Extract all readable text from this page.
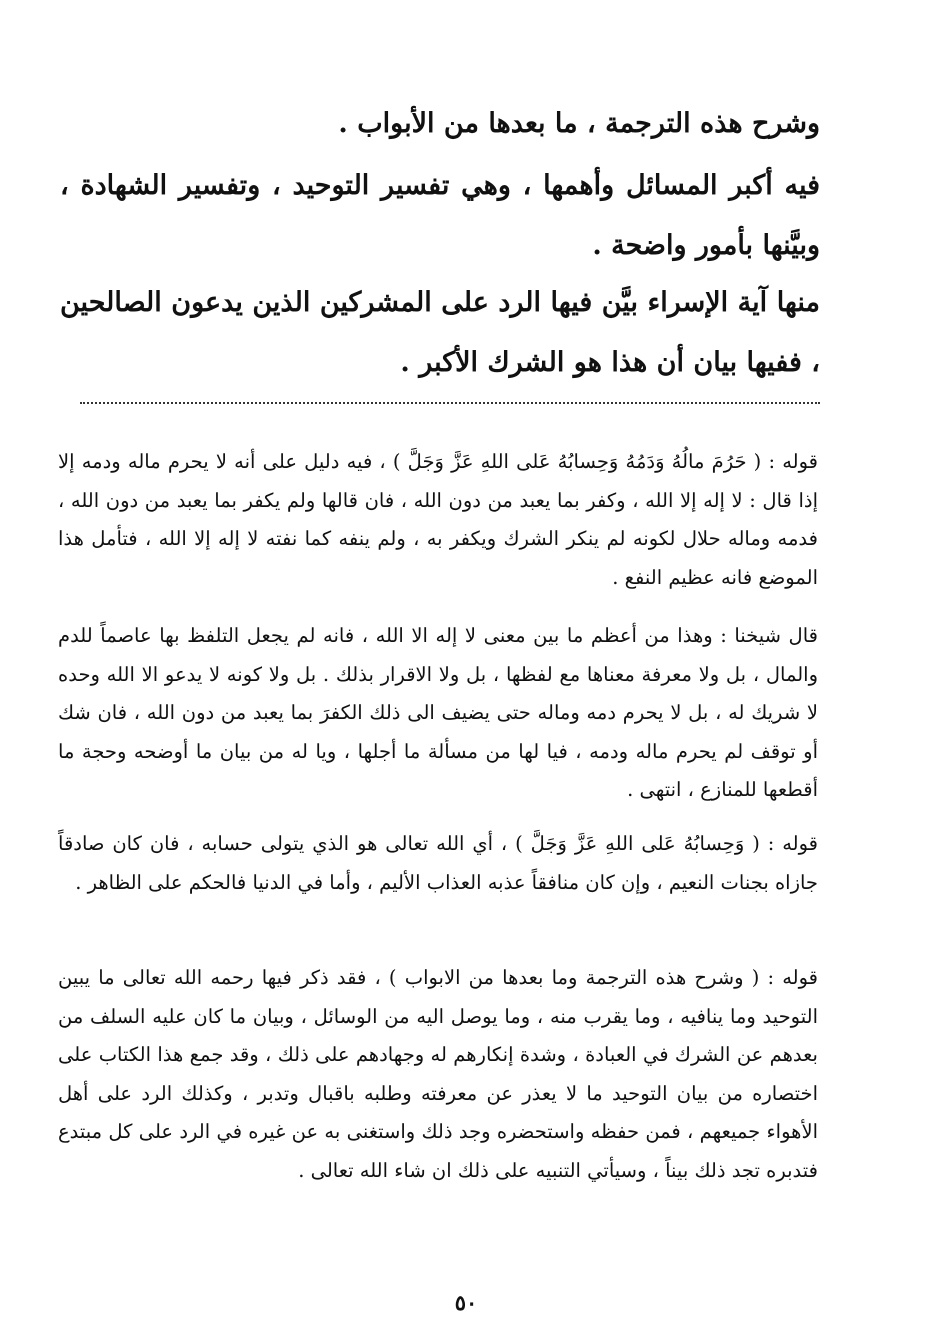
وشرح هذه الترجمة ، ما بعدها من الأبواب .

فيه أكبر المسائل وأهمها ، وهي تفسير التوحيد ، وتفسير الشهادة ، وبيَّنها بأمور واضحة .

منها آية الإسراء بيَّن فيها الرد على المشركين الذين يدعون الصالحين ، ففيها بيان أن هذا هو الشرك الأكبر .

قوله : ( حَرُمَ مالُهُ وَدَمُهُ وَحِسابُهُ عَلى اللهِ عَزَّ وَجَلَّ ) ، فيه دليل على أنه لا يحرم ماله ودمه إلا إذا قال : لا إله إلا الله ، وكفر بما يعبد من دون الله ، فان قالها ولم يكفر بما يعبد من دون الله ، فدمه وماله حلال لكونه لم ينكر الشرك ويكفر به ، ولم ينفه كما نفته لا إله إلا الله ، فتأمل هذا الموضع فانه عظيم النفع .

قال شيخنا : وهذا من أعظم ما بين معنى لا إله الا الله ، فانه لم يجعل التلفظ بها عاصماً للدم والمال ، بل ولا معرفة معناها مع لفظها ، بل ولا الاقرار بذلك . بل ولا كونه لا يدعو الا الله وحده لا شريك له ، بل لا يحرم دمه وماله حتى يضيف الى ذلك الكفرَ بما يعبد من دون الله ، فان شك أو توقف لم يحرم ماله ودمه ، فيا لها من مسألة ما أجلها ، ويا له من بيان ما أوضحه وحجة ما أقطعها للمنازع ، انتهى .

قوله : ( وَحِسابُهُ عَلى اللهِ عَزَّ وَجَلَّ ) ، أي الله تعالى هو الذي يتولى حسابه ، فان كان صادقاً جازاه بجنات النعيم ، وإن كان منافقاً عذبه العذاب الأليم ، وأما في الدنيا فالحكم على الظاهر .

قوله : ( وشرح هذه الترجمة وما بعدها من الابواب ) ، فقد ذكر فيها رحمه الله تعالى ما يبين التوحيد وما ينافيه ، وما يقرب منه ، وما يوصل اليه من الوسائل ، وبيان ما كان عليه السلف من بعدهم عن الشرك في العبادة ، وشدة إنكارهم له وجهادهم على ذلك ، وقد جمع هذا الكتاب على اختصاره من بيان التوحيد ما لا يعذر عن معرفته وطلبه باقبال وتدبر ، وكذلك الرد على أهل الأهواء جميعهم ، فمن حفظه واستحضره وجد ذلك واستغنى به عن غيره في الرد على كل مبتدع فتدبره تجد ذلك بيناً ، وسيأتي التنبيه على ذلك ان شاء الله تعالى .

٥٠
